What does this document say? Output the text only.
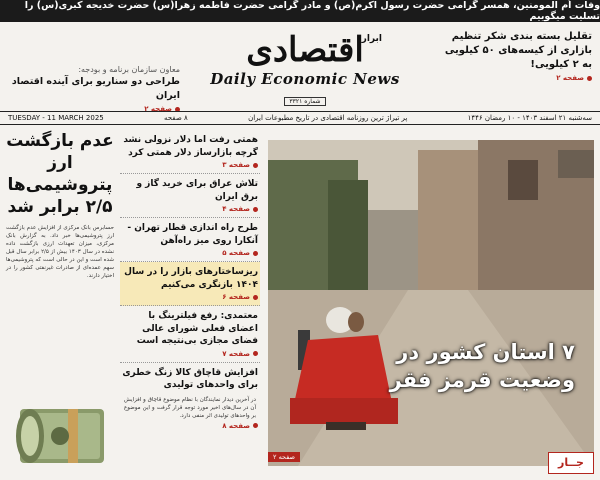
وفات اُم المومنین، همسر گرامی حضرت رسول اکرم(ص) و مادر گرامی حضرت فاطمه زهرا(س) حضرت خدیجه کبری(س) را تسلیت میگوییم
تقلیل بسته بندی شکر تنظیم بازاری از کیسه‌های ۵۰ کیلویی به ۲ کیلویی!
صفحه ۲
معاون سازمان برنامه و بودجه:
طراحی دو سناریو برای آینده اقتصاد ایران
صفحه ۲
ابرار
اقتصادی
Daily Economic News
شماره ۳۳۲۱
سه‌شنبه ۲۱ اسفند ۱۴۰۳ - ۱۰ رمضان ۱۴۴۶
پر تیراژ ترین روزنامه اقتصادی در تاریخ مطبوعات ایران
۸ صفحه
TUESDAY - 11 MARCH 2025
عدم بازگشت ارز پتروشیمی‌ها ۲/۵ برابر شد
حسابرس بانک مرکزی از افزایش عدم بازگشت ارز پتروشیمی‌ها خبر داد. به گزارش بانک مرکزی، میزان تعهدات ارزی بازگشت داده نشده در سال ۱۴۰۳ بیش از ۲/۵ برابر سال قبل شده است و این در حالی است که پتروشیمی‌ها سهم عمده‌ای از صادرات غیرنفتی کشور را در اختیار دارند.
همتی رفت اما دلار نزولی نشد گرچه بازارساز دلار همتی کرد
صفحه ۳
تلاش عراق برای خرید گاز و برق ایران
صفحه ۴
طرح راه اندازی قطار تهران - آنکارا روی میز راه‌آهن
صفحه ۵
ریزساختارهای بازار را در سال ۱۴۰۴ بازنگری می‌کنیم
صفحه ۶
معتمدی: رفع فیلترینگ با اعضای فعلی شورای عالی فضای مجازی بی‌نتیجه است
صفحه ۷
افزایش قاچاق کالا زنگ خطری برای واحدهای تولیدی
در آخرین دیدار نمایندگان با نظام موضوع قاچاق و افزایش آن در سال‌های اخیر مورد توجه قرار گرفت و این موضوع بر واحدهای تولیدی اثر منفی دارد.
صفحه ۸
۷ استان کشور در
وضعیت قرمز فقر
صفحه ۲	جــار
